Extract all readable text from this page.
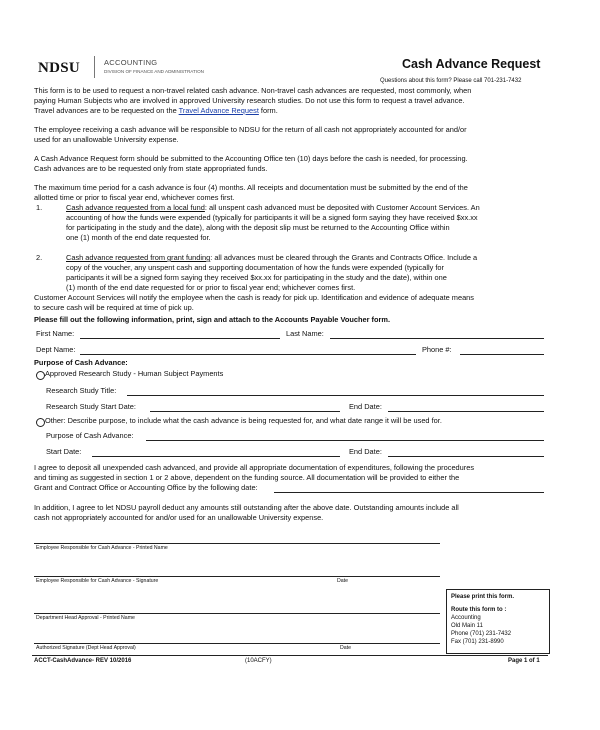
NDSU	ACCOUNTING
DIVISION OF FINANCE AND ADMINISTRATION
Cash Advance Request
Questions about this form? Please call 701-231-7432
This form is to be used to request a non-travel related cash advance. Non-travel cash advances are requested, most commonly, when
paying Human Subjects who are involved in approved University research studies. Do not use this form to request a travel advance.
Travel advances are to be requested on the Travel Advance Request form.
The employee receiving a cash advance will be responsible to NDSU for the return of all cash not appropriately accounted for and/or
used for an unallowable University expense.
A Cash Advance Request form should be submitted to the Accounting Office ten (10) days before the cash is needed, for processing.
Cash advances are to be requested only from state appropriated funds.
The maximum time period for a cash advance is four (4) months. All receipts and documentation must be submitted by the end of the
allotted time or prior to fiscal year end, whichever comes first.
1.	Cash advance requested from a local fund: all unspent cash advanced must be deposited with Customer Account Services. An
accounting of how the funds were expended (typically for participants it will be a signed form saying they have received $xx.xx
for participating in the study and the date), along with the deposit slip must be returned to the Accounting Office within
one (1) month of the end date requested for.
2.	Cash advance requested from grant funding: all advances must be cleared through the Grants and Contracts Office. Include a
copy of the voucher, any unspent cash and supporting documentation of how the funds were expended (typically for
participants it will be a signed form saying they received $xx.xx for participating in the study and the date), within one
(1) month of the end date requested for or prior to fiscal year end; whichever comes first.
Customer Account Services will notify the employee when the cash is ready for pick up. Identification and evidence of adequate means
to secure cash will be required at time of pick up.
Please fill out the following information, print, sign and attach to the Accounts Payable Voucher form.
First Name:	Last Name:
Dept Name:	Phone #:
Purpose of Cash Advance:
Approved Research Study - Human Subject Payments
Research Study Title:
Research Study Start Date:	End Date:
Other: Describe purpose, to include what the cash advance is being requested for, and what date range it will be used for.
Purpose of Cash Advance:
Start Date:	End Date:
I agree to deposit all unexpended cash advanced, and provide all appropriate documentation of expenditures, following the procedures
and timing as suggested in section 1 or 2 above, dependent on the funding source. All documentation will be provided to either the
Grant and Contract Office or Accounting Office by the following date:
In addition, I agree to let NDSU payroll deduct any amounts still outstanding after the above date. Outstanding amounts include all
cash not appropriately accounted for and/or used for an unallowable University expense.
Employee Responsible for Cash Advance - Printed Name
Employee Responsible for Cash Advance - Signature	Date
Department Head Approval - Printed Name
Authorized Signature (Dept Head Approval)	Date
Please print this form.
Route this form to :
Accounting
Old Main 11
Phone (701) 231-7432
Fax (701) 231-8990
ACCT-CashAdvance- REV 10/2016	(10ACFY)	Page 1 of 1
